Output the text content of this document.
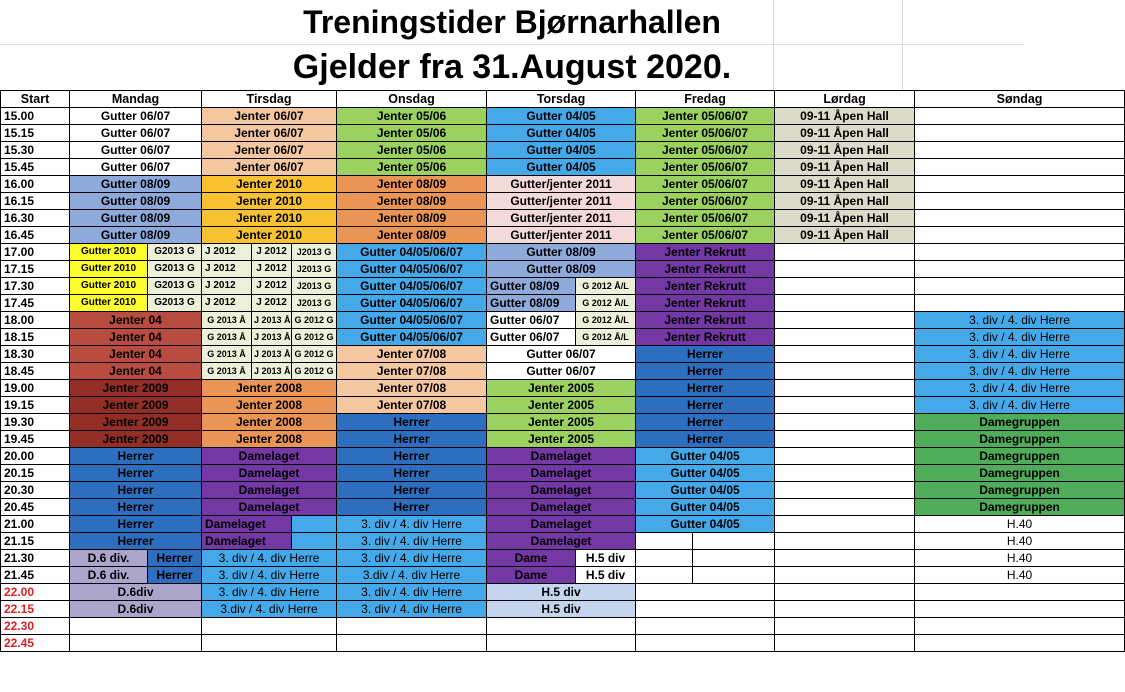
Treningstider Bjørnarhallen
Gjelder fra 31.August 2020.
Start	Mandag		Tirsdag			Onsdag	Torsdag		Fredag		Lørdag	Søndag
15.00	Gutter 06/07		Jenter 06/07			Jenter 05/06	Gutter 04/05		Jenter 05/06/07		09-11 Åpen Hall	
15.15	Gutter 06/07		Jenter 06/07			Jenter 05/06	Gutter 04/05		Jenter 05/06/07		09-11 Åpen Hall	
15.30	Gutter 06/07		Jenter 06/07			Jenter 05/06	Gutter 04/05		Jenter 05/06/07		09-11 Åpen Hall	
15.45	Gutter 06/07		Jenter 06/07			Jenter 05/06	Gutter 04/05		Jenter 05/06/07		09-11 Åpen Hall	
16.00	Gutter 08/09		Jenter 2010			Jenter 08/09	Gutter/jenter 2011		Jenter 05/06/07		09-11 Åpen Hall	
16.15	Gutter 08/09		Jenter 2010			Jenter 08/09	Gutter/jenter 2011		Jenter 05/06/07		09-11 Åpen Hall	
16.30	Gutter 08/09		Jenter 2010			Jenter 08/09	Gutter/jenter 2011		Jenter 05/06/07		09-11 Åpen Hall	
16.45	Gutter 08/09		Jenter 2010			Jenter 08/09	Gutter/jenter 2011		Jenter 05/06/07		09-11 Åpen Hall	
17.00	Gutter 2010	G2013 G	J 2012	J 2012	J2013 G	Gutter 04/05/06/07	Gutter 08/09		Jenter Rekrutt			
17.15	Gutter 2010	G2013 G	J 2012	J 2012	J2013 G	Gutter 04/05/06/07	Gutter 08/09		Jenter Rekrutt			
17.30	Gutter 2010	G2013 G	J 2012	J 2012	J2013 G	Gutter 04/05/06/07	Gutter 08/09	G 2012 Å/L	Jenter Rekrutt			
17.45	Gutter 2010	G2013 G	J 2012	J 2012	J2013 G	Gutter 04/05/06/07	Gutter 08/09	G 2012 Å/L	Jenter Rekrutt			
18.00	Jenter 04		G 2013 Å	J 2013 Å	G 2012 G	Gutter 04/05/06/07	Gutter 06/07	G 2012 Å/L	Jenter Rekrutt			3. div / 4. div Herre
18.15	Jenter 04		G 2013 Å	J 2013 Å	G 2012 G	Gutter 04/05/06/07	Gutter 06/07	G 2012 Å/L	Jenter Rekrutt			3. div / 4. div Herre
18.30	Jenter 04		G 2013 Å	J 2013 Å	G 2012 G	Jenter 07/08	Gutter 06/07		Herrer			3. div / 4. div Herre
18.45	Jenter 04		G 2013 Å	J 2013 Å	G 2012 G	Jenter 07/08	Gutter 06/07		Herrer			3. div / 4. div Herre
19.00	Jenter 2009		Jenter 2008			Jenter 07/08	Jenter 2005		Herrer			3. div / 4. div Herre
19.15	Jenter 2009		Jenter 2008			Jenter 07/08	Jenter 2005		Herrer			3. div / 4. div Herre
19.30	Jenter 2009		Jenter 2008			Herrer	Jenter 2005		Herrer			Damegruppen
19.45	Jenter 2009		Jenter 2008			Herrer	Jenter 2005		Herrer			Damegruppen
20.00	Herrer		Damelaget			Herrer	Damelaget		Gutter 04/05			Damegruppen
20.15	Herrer		Damelaget			Herrer	Damelaget		Gutter 04/05			Damegruppen
20.30	Herrer		Damelaget			Herrer	Damelaget		Gutter 04/05			Damegruppen
20.45	Herrer		Damelaget			Herrer	Damelaget		Gutter 04/05			Damegruppen
21.00	Herrer		Damelaget			3. div / 4. div Herre	Damelaget		Gutter 04/05			H.40
21.15	Herrer		Damelaget			3. div / 4. div Herre	Damelaget					H.40
21.30	D.6 div.	Herrer	3. div / 4. div Herre			3. div / 4. div Herre	Dame	H.5 div				H.40
21.45	D.6 div.	Herrer	3. div / 4. div Herre			3.div / 4. div Herre	Dame	H.5 div				H.40
22.00	D.6div		3. div / 4. div Herre			3. div / 4. div Herre	H.5 div					
22.15	D.6div		3.div / 4. div Herre			3. div / 4. div Herre	H.5 div					
22.30												
22.45												
